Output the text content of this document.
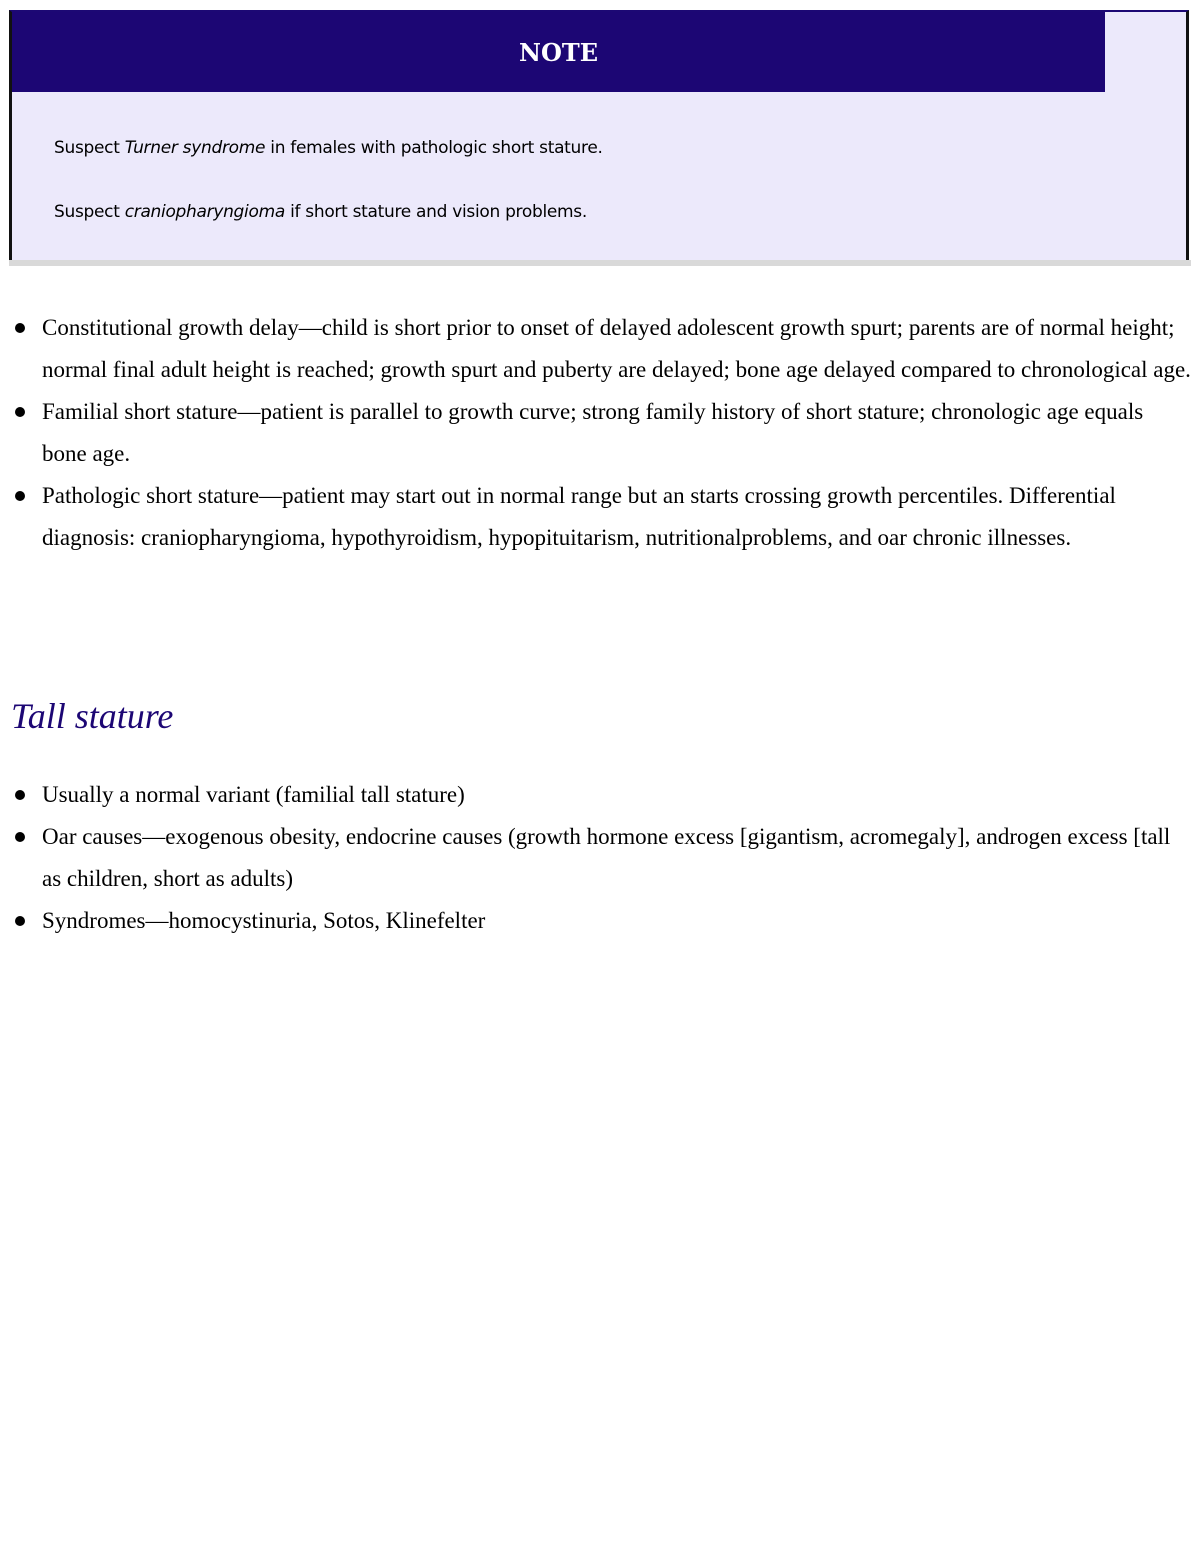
NOTE
Suspect Turner syndrome in females with pathologic short stature.
Suspect craniopharyngioma if short stature and vision problems.
Constitutional growth delay—child is short prior to onset of delayed adolescent growth spurt; parents are of normal height; normal final adult height is reached; growth spurt and puberty are delayed; bone age delayed compared to chronological age.
Familial short stature—patient is parallel to growth curve; strong family history of short stature; chronologic age equals bone age.
Pathologic short stature—patient may start out in normal range but an starts crossing growth percentiles. Differential diagnosis: craniopharyngioma, hypothyroidism, hypopituitarism, nutritionalproblems, and oar chronic illnesses.
Tall stature
Usually a normal variant (familial tall stature)
Oar causes—exogenous obesity, endocrine causes (growth hormone excess [gigantism, acromegaly], androgen excess [tall as children, short as adults)
Syndromes—homocystinuria, Sotos, Klinefelter
